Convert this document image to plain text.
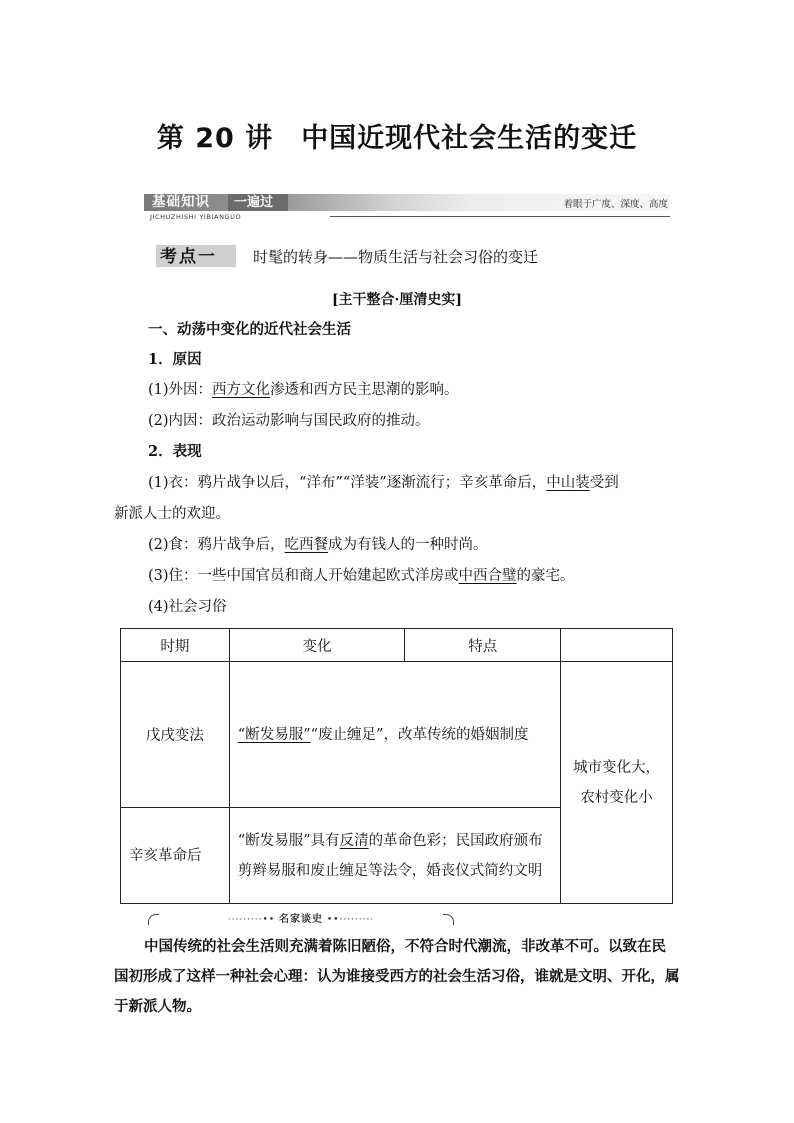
第 20 讲 中国近现代社会生活的变迁
基础知识	一遍过	着眼于广度、深度、高度
JICHUZHISHI YIBIANGUO
考点一 时髦的转身——物质生活与社会习俗的变迁
[主干整合·厘清史实]
一、动荡中变化的近代社会生活
1．原因
(1)外因：西方文化渗透和西方民主思潮的影响。
(2)内因：政治运动影响与国民政府的推动。
2．表现
(1)衣：鸦片战争以后，“洋布”“洋装”逐渐流行；辛亥革命后，中山装受到
新派人士的欢迎。
(2)食：鸦片战争后，吃西餐成为有钱人的一种时尚。
(3)住：一些中国官员和商人开始建起欧式洋房或中西合璧的豪宅。
(4)社会习俗
时期	变化	特点	
戊戌变法	“断发易服”“废止缠足”，改革传统的婚姻制度		城市变化大，农村变化小
辛亥革命后	“断发易服”具有反清的革命色彩；民国政府颁布剪辫易服和废止缠足等法令，婚丧仪式简约文明		
·········•• 名家谈史 ••·········
中国传统的社会生活则充满着陈旧陋俗，不符合时代潮流，非改革不可。以致在民国初形成了这样一种社会心理：认为谁接受西方的社会生活习俗，谁就是文明、开化，属于新派人物。
